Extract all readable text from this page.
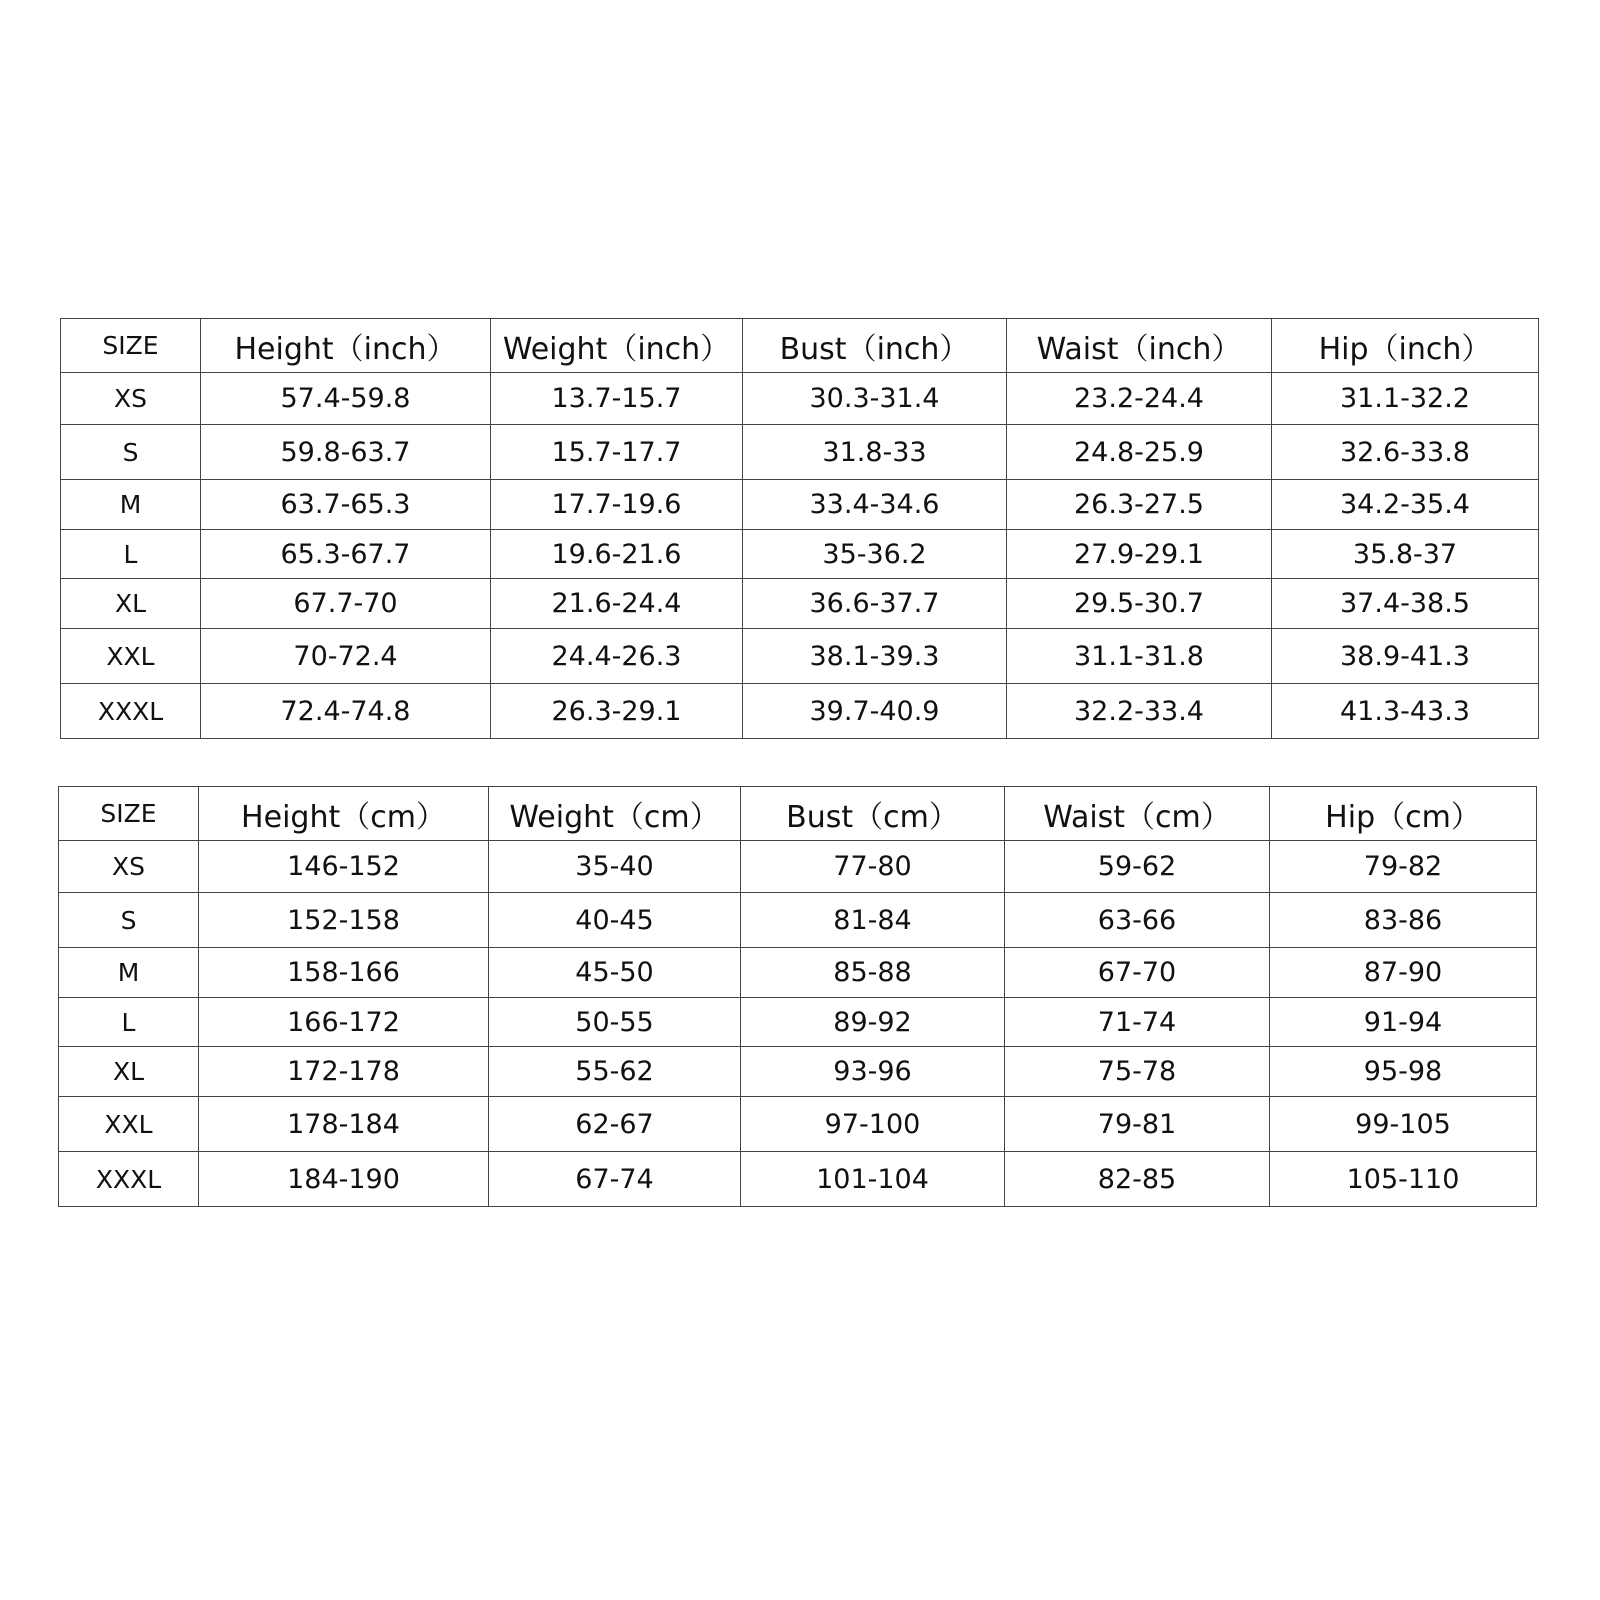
SIZE	Height（inch）	Weight（inch）	Bust（inch）	Waist（inch）	Hip（inch）
XS	57.4-59.8	13.7-15.7	30.3-31.4	23.2-24.4	31.1-32.2
S	59.8-63.7	15.7-17.7	31.8-33	24.8-25.9	32.6-33.8
M	63.7-65.3	17.7-19.6	33.4-34.6	26.3-27.5	34.2-35.4
L	65.3-67.7	19.6-21.6	35-36.2	27.9-29.1	35.8-37
XL	67.7-70	21.6-24.4	36.6-37.7	29.5-30.7	37.4-38.5
XXL	70-72.4	24.4-26.3	38.1-39.3	31.1-31.8	38.9-41.3
XXXL	72.4-74.8	26.3-29.1	39.7-40.9	32.2-33.4	41.3-43.3
SIZE	Height（cm）	Weight（cm）	Bust（cm）	Waist（cm）	Hip（cm）
XS	146-152	35-40	77-80	59-62	79-82
S	152-158	40-45	81-84	63-66	83-86
M	158-166	45-50	85-88	67-70	87-90
L	166-172	50-55	89-92	71-74	91-94
XL	172-178	55-62	93-96	75-78	95-98
XXL	178-184	62-67	97-100	79-81	99-105
XXXL	184-190	67-74	101-104	82-85	105-110
